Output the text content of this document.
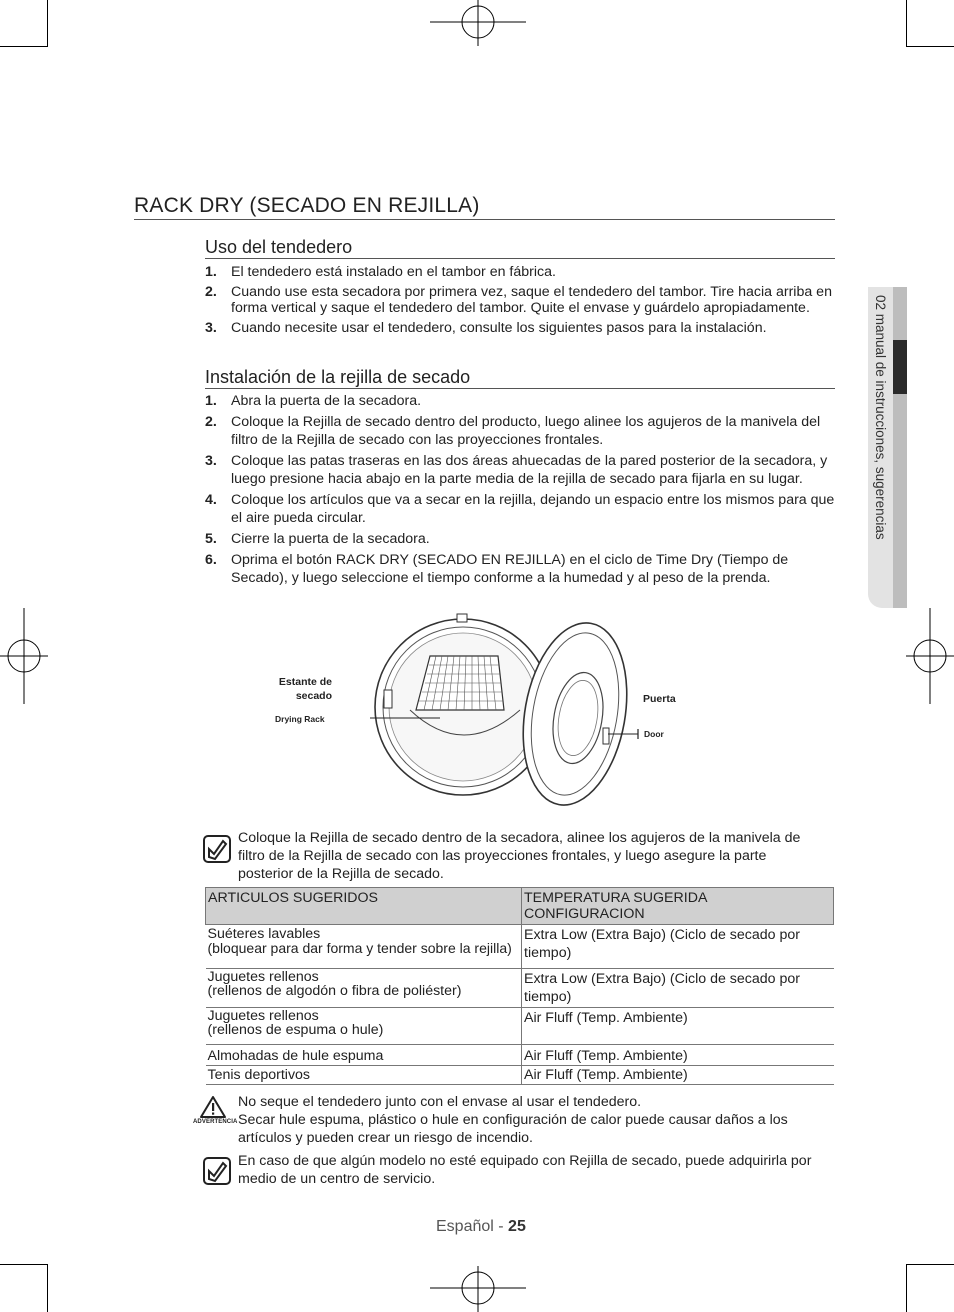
02 manual de instrucciones, sugerencias
RACK DRY (SECADO EN REJILLA)
Uso del tendedero
1. El tendedero está instalado en el tambor en fábrica.
2. Cuando use esta secadora por primera vez, saque el tendedero del tambor. Tire hacia arriba en forma vertical y saque el tendedero del tambor. Quite el envase y guárdelo apropiadamente.
3. Cuando necesite usar el tendedero, consulte los siguientes pasos para la instalación.
Instalación de la rejilla de secado
1. Abra la puerta de la secadora.
2. Coloque la Rejilla de secado dentro del producto, luego alinee los agujeros de la manivela del filtro de la Rejilla de secado con las proyecciones frontales.
3. Coloque las patas traseras en las dos áreas ahuecadas de la pared posterior de la secadora, y luego presione hacia abajo en la parte media de la rejilla de secado para fijarla en su lugar.
4. Coloque los artículos que va a secar en la rejilla, dejando un espacio entre los mismos para que el aire pueda circular.
5. Cierre la puerta de la secadora.
6. Oprima el botón RACK DRY (SECADO EN REJILLA) en el ciclo de Time Dry (Tiempo de Secado), y luego seleccione el tiempo conforme a la humedad y al peso de la prenda.
Estante de
secado
Drying Rack
Puerta
Door
Coloque la Rejilla de secado dentro de la secadora, alinee los agujeros de la manivela de filtro de la Rejilla de secado con las proyecciones frontales, y luego asegure la parte posterior de la Rejilla de secado.
ARTICULOS SUGERIDOS	TEMPERATURA SUGERIDA CONFIGURACION

Suéteres lavables
(bloquear para dar forma y tender sobre la rejilla)	Extra Low (Extra Bajo) (Ciclo de secado por tiempo)

Juguetes rellenos
(rellenos de algodón o fibra de poliéster)	Extra Low (Extra Bajo) (Ciclo de secado por tiempo)

Juguetes rellenos
(rellenos de espuma o hule)	Air Fluff (Temp. Ambiente)
Almohadas de hule espuma	Air Fluff (Temp. Ambiente)
Tenis deportivos	Air Fluff (Temp. Ambiente)
ADVERTENCIA
No seque el tendedero junto con el envase al usar el tendedero.
Secar hule espuma, plástico o hule en configuración de calor puede causar daños a los artículos y pueden crear un riesgo de incendio.
En caso de que algún modelo no esté equipado con Rejilla de secado, puede adquirirla por medio de un centro de servicio.
Español - 25
